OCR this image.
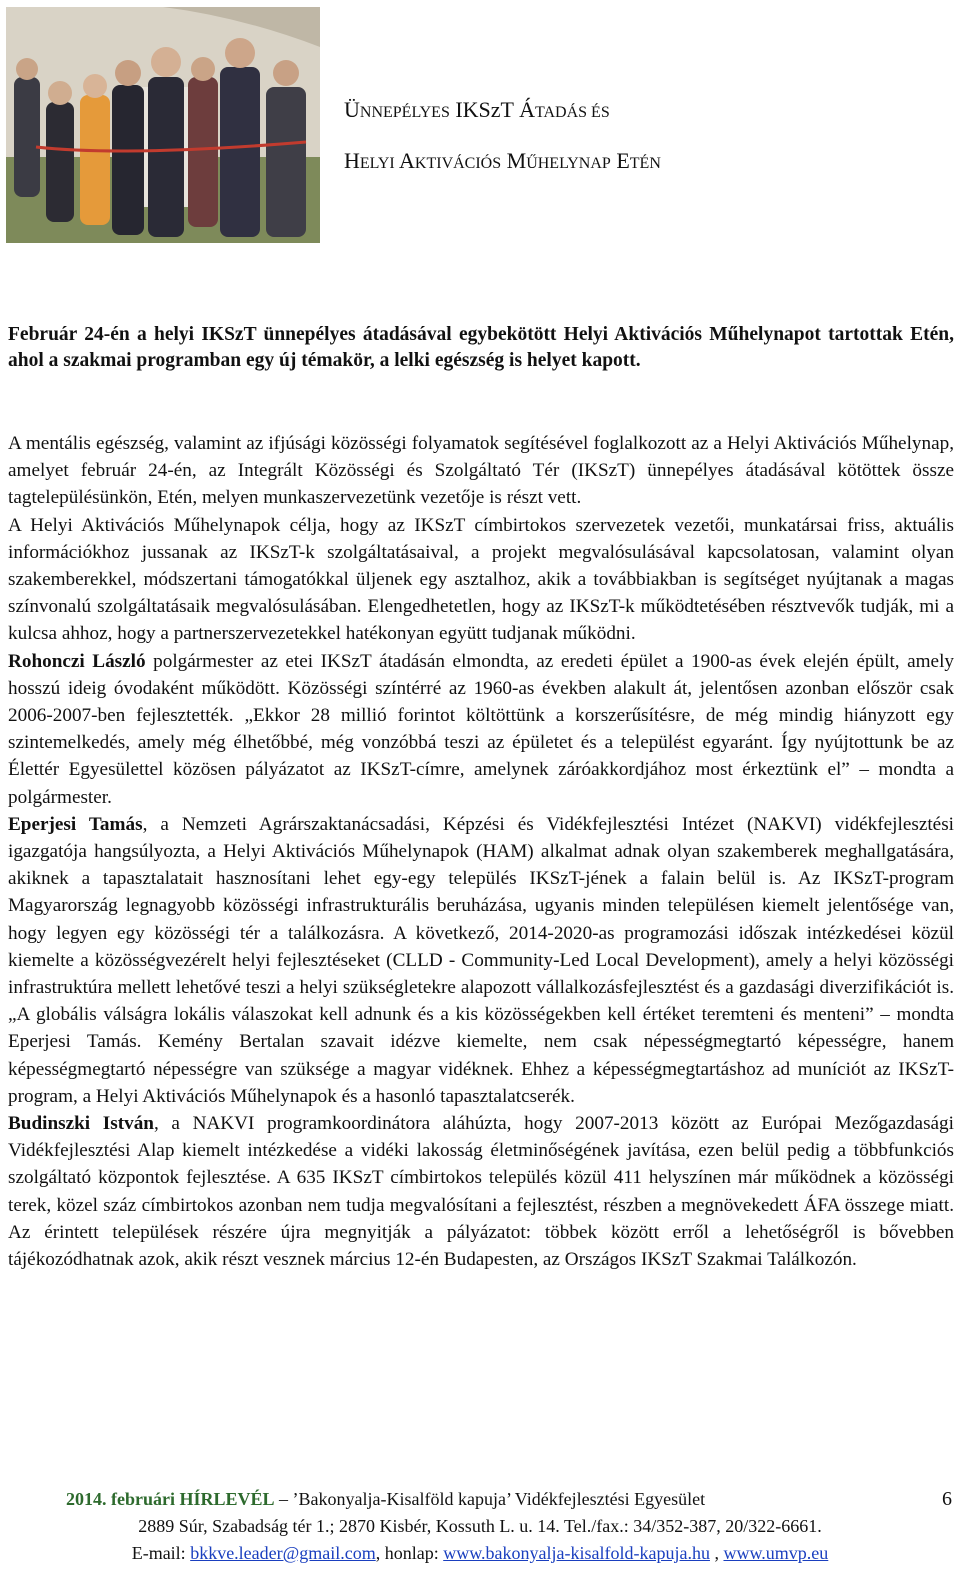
ÜNNEPÉLYES IKSzT ÁTADÁS ÉS
HELYI AKTIVÁCIÓS MŰHELYNAP ETÉN
Február 24-én a helyi IKSzT ünnepélyes átadásával egybekötött Helyi Aktivációs Műhelynapot tartottak Etén, ahol a szakmai programban egy új témakör, a lelki egészség is helyet kapott.

A mentális egészség, valamint az ifjúsági közösségi folyamatok segítésével foglalkozott az a Helyi Aktivációs Műhelynap, amelyet február 24-én, az Integrált Közösségi és Szolgáltató Tér (IKSzT) ünnepélyes átadásával kötöttek össze tagtelepülésünkön, Etén, melyen munkaszervezetünk vezetője is részt vett.

A Helyi Aktivációs Műhelynapok célja, hogy az IKSzT címbirtokos szervezetek vezetői, munkatársai friss, aktuális információkhoz jussanak az IKSzT-k szolgáltatásaival, a projekt megvalósulásával kapcsolatosan, valamint olyan szakemberekkel, módszertani támogatókkal üljenek egy asztalhoz, akik a továbbiakban is segítséget nyújtanak a magas színvonalú szolgáltatásaik megvalósulásában. Elengedhetetlen, hogy az IKSzT-k működtetésében résztvevők tudják, mi a kulcsa ahhoz, hogy a partnerszervezetekkel hatékonyan együtt tudjanak működni.

Rohonczi László polgármester az etei IKSzT átadásán elmondta, az eredeti épület a 1900-as évek elején épült, amely hosszú ideig óvodaként működött. Közösségi színtérré az 1960-as években alakult át, jelentősen azonban először csak 2006-2007-ben fejlesztették. „Ekkor 28 millió forintot költöttünk a korszerűsítésre, de még mindig hiányzott egy szintemelkedés, amely még élhetőbbé, még vonzóbbá teszi az épületet és a települést egyaránt. Így nyújtottunk be az Élettér Egyesülettel közösen pályázatot az IKSzT-címre, amelynek záróakkordjához most érkeztünk el” – mondta a polgármester.

Eperjesi Tamás, a Nemzeti Agrárszaktanácsadási, Képzési és Vidékfejlesztési Intézet (NAKVI) vidékfejlesztési igazgatója hangsúlyozta, a Helyi Aktivációs Műhelynapok (HAM) alkalmat adnak olyan szakemberek meghallgatására, akiknek a tapasztalatait hasznosítani lehet egy-egy település IKSzT-jének a falain belül is. Az IKSzT-program Magyarország legnagyobb közösségi infrastrukturális beruházása, ugyanis minden településen kiemelt jelentősége van, hogy legyen egy közösségi tér a találkozásra. A következő, 2014-2020-as programozási időszak intézkedései közül kiemelte a közösségvezérelt helyi fejlesztéseket (CLLD - Community-Led Local Development), amely a helyi közösségi infrastruktúra mellett lehetővé teszi a helyi szükségletekre alapozott vállalkozásfejlesztést és a gazdasági diverzifikációt is. „A globális válságra lokális válaszokat kell adnunk és a kis közösségekben kell értéket teremteni és menteni” – mondta Eperjesi Tamás. Kemény Bertalan szavait idézve kiemelte, nem csak népességmegtartó képességre, hanem képességmegtartó népességre van szüksége a magyar vidéknek. Ehhez a képességmegtartáshoz ad muníciót az IKSzT-program, a Helyi Aktivációs Műhelynapok és a hasonló tapasztalatcserék.

Budinszki István, a NAKVI programkoordinátora aláhúzta, hogy 2007-2013 között az Európai Mezőgazdasági Vidékfejlesztési Alap kiemelt intézkedése a vidéki lakosság életminőségének javítása, ezen belül pedig a többfunkciós szolgáltató központok fejlesztése. A 635 IKSzT címbirtokos település közül 411 helyszínen már működnek a közösségi terek, közel száz címbirtokos azonban nem tudja megvalósítani a fejlesztést, részben a megnövekedett ÁFA összege miatt. Az érintett települések részére újra megnyitják a pályázatot: többek között erről a lehetőségről is bővebben tájékozódhatnak azok, akik részt vesznek március 12-én Budapesten, az Országos IKSzT Szakmai Találkozón.

2014. februári HÍRLEVÉL – ’Bakonyalja-Kisalföld kapuja’ Vidékfejlesztési Egyesület	6
2889 Súr, Szabadság tér 1.; 2870 Kisbér, Kossuth L. u. 14. Tel./fax.: 34/352-387, 20/322-6661.
E-mail: bkkve.leader@gmail.com, honlap: www.bakonyalja-kisalfold-kapuja.hu , www.umvp.eu
